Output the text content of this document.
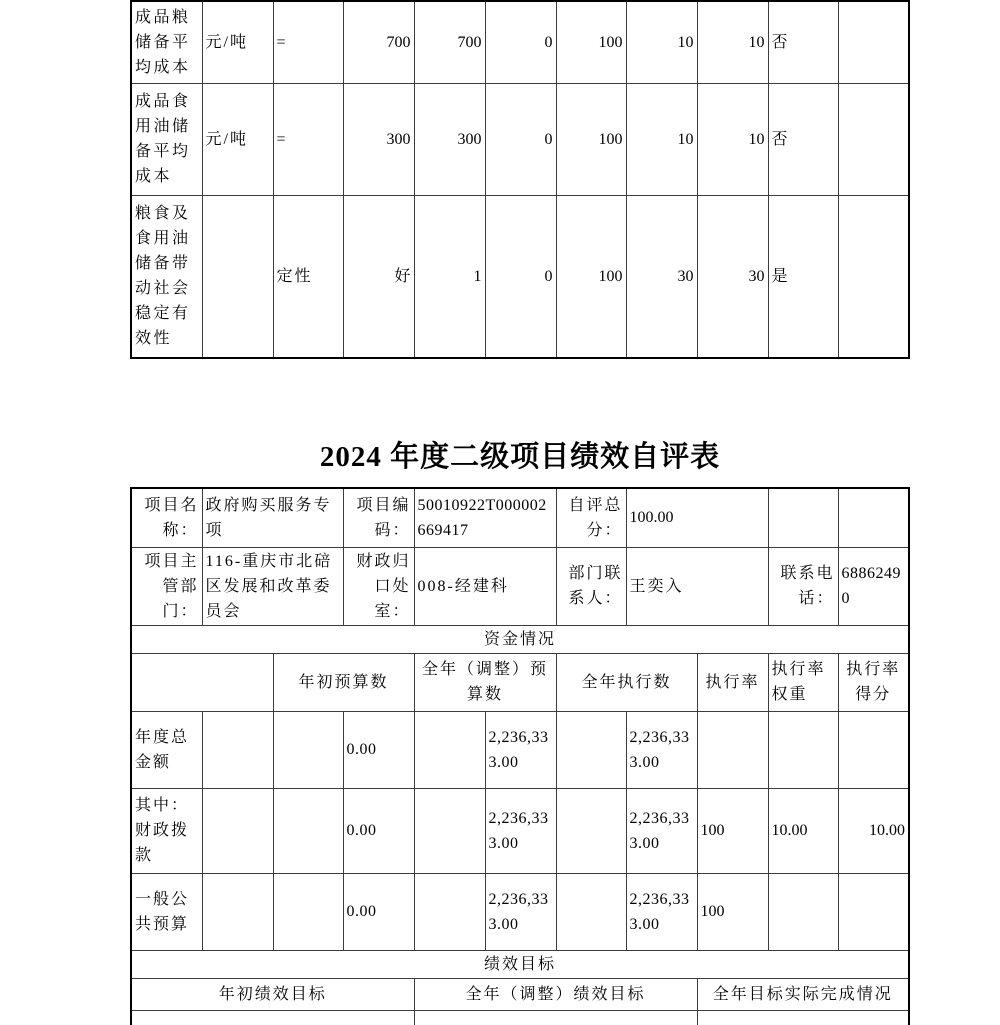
成品粮储备平均成本	元/吨	=	700	700	0	100	10	10	否	
成品食用油储备平均成本	元/吨	=	300	300	0	100	10	10	否	
粮食及食用油储备带动社会稳定有效性		定性	好	1	0	100	30	30	是	
2024 年度二级项目绩效自评表
项目名称：	政府购买服务专项		项目编码：	50010922T000002669417		自评总分：	100.00			
项目主管部门：	116-重庆市北碚区发展和改革委员会		财政归口处室：	008-经建科		部门联系人：	王奕入		联系电话：	68862490
资金情况										
		年初预算数		全年（调整）预算数		全年执行数		执行率	执行率权重	执行率得分
年度总金额			0.00		2,236,333.00		2,236,333.00			
其中：财政拨款			0.00		2,236,333.00		2,236,333.00	100	10.00	10.00
一般公共预算			0.00		2,236,333.00		2,236,333.00	100		
绩效目标										
年初绩效目标				全年（调整）绩效目标				全年目标实际完成情况		
